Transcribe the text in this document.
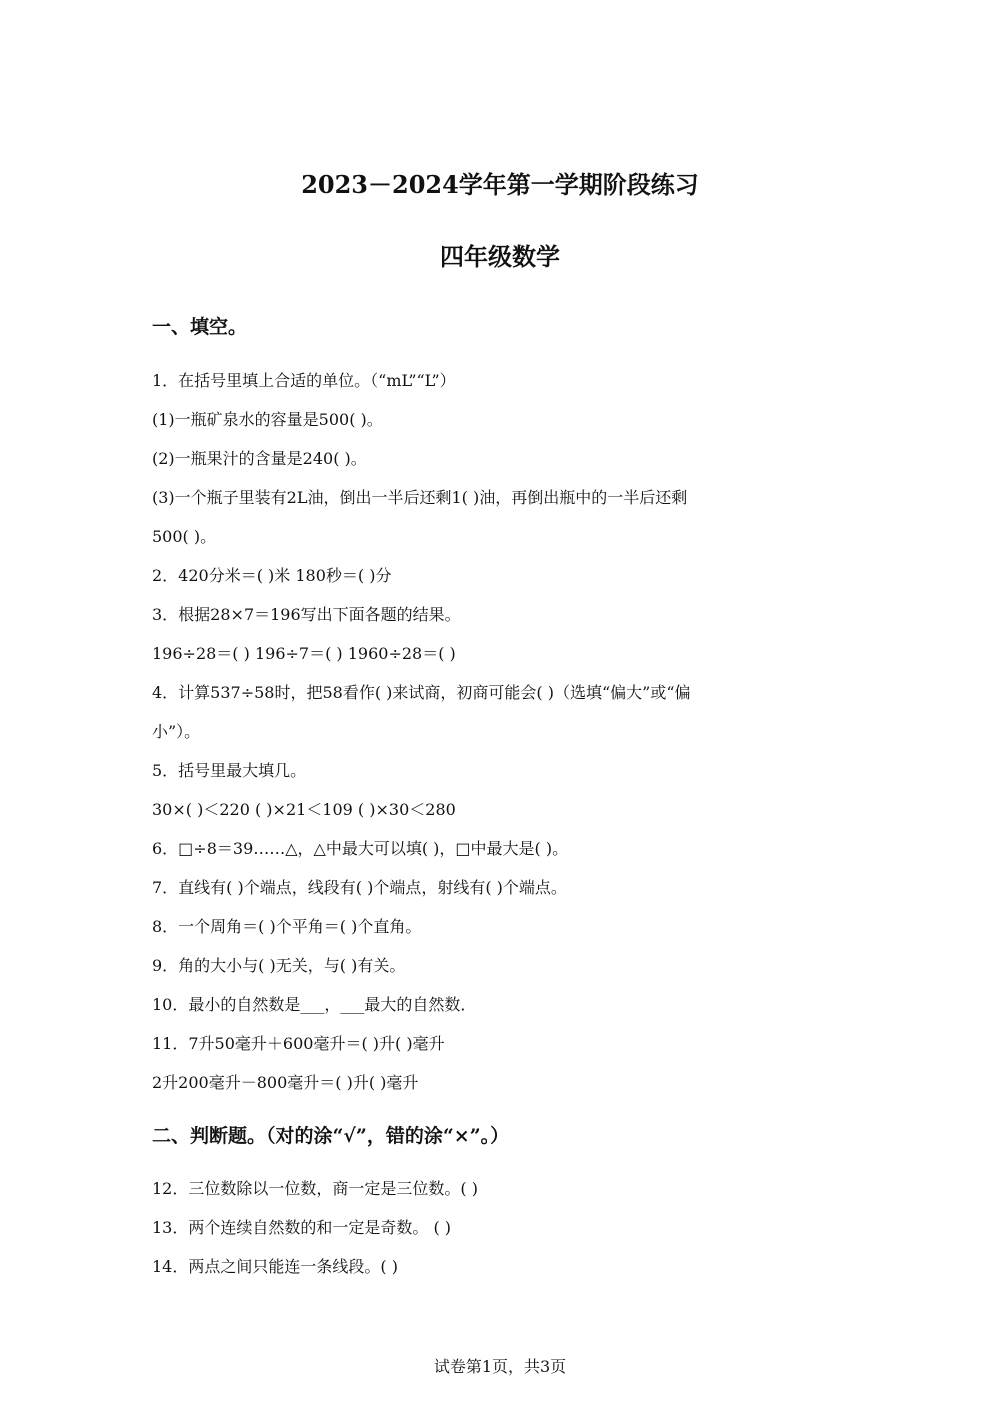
2023－2024学年第一学期阶段练习
四年级数学
一、填空。
1．在括号里填上合适的单位。（“mL”“L”）
(1)一瓶矿泉水的容量是500( )。
(2)一瓶果汁的含量是240( )。
(3)一个瓶子里装有2L油，倒出一半后还剩1( )油，再倒出瓶中的一半后还剩
500( )。
2．420分米＝( )米 180秒＝( )分
3．根据28×7＝196写出下面各题的结果。
196÷28＝( ) 196÷7＝( ) 1960÷28＝( )
4．计算537÷58时，把58看作( )来试商，初商可能会( )（选填“偏大”或“偏
小”）。
5．括号里最大填几。
30×( )＜220 ( )×21＜109 ( )×30＜280
6．□÷8＝39……△，△中最大可以填( )，□中最大是( )。
7．直线有( )个端点，线段有( )个端点，射线有( )个端点。
8．一个周角＝( )个平角＝( )个直角。
9．角的大小与( )无关，与( )有关。
10．最小的自然数是___，___最大的自然数．
11．7升50毫升＋600毫升＝( )升( )毫升
2升200毫升－800毫升＝( )升( )毫升
二、判断题。（对的涂“√”，错的涂“×”。）
12．三位数除以一位数，商一定是三位数。( )
13．两个连续自然数的和一定是奇数。 ( )
14．两点之间只能连一条线段。( )
试卷第1页，共3页
